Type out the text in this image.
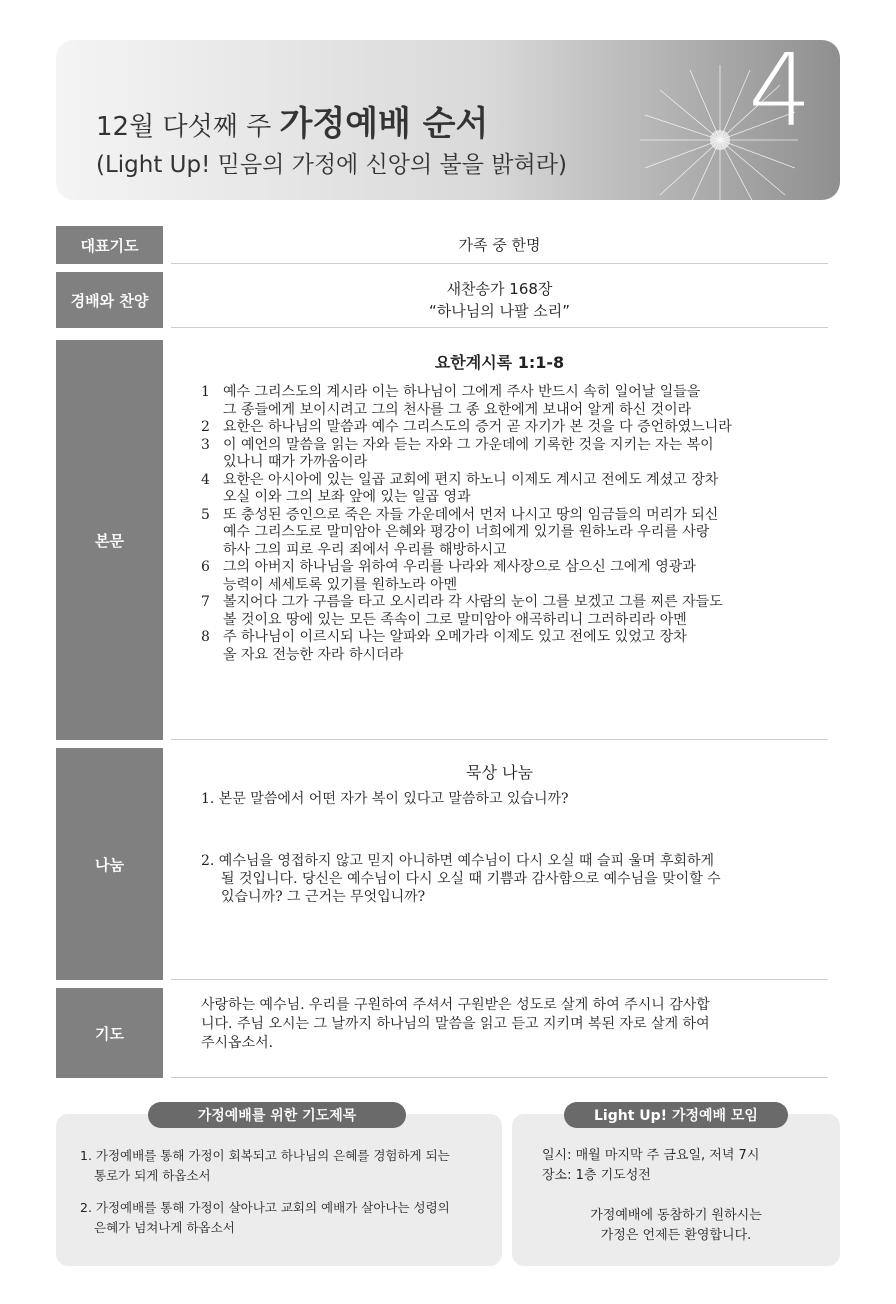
12월 다섯째 주 가정예배 순서
(Light Up! 믿음의 가정에 신앙의 불을 밝혀라)
4
대표기도	가족 중 한명
경배와 찬양
새찬송가 168장
“하나님의 나팔 소리”
본문
요한계시록 1:1-8
1 예수 그리스도의 계시라 이는 하나님이 그에게 주사 반드시 속히 일어날 일들을
그 종들에게 보이시려고 그의 천사를 그 종 요한에게 보내어 알게 하신 것이라
2 요한은 하나님의 말씀과 예수 그리스도의 증거 곧 자기가 본 것을 다 증언하였느니라
3 이 예언의 말씀을 읽는 자와 듣는 자와 그 가운데에 기록한 것을 지키는 자는 복이
있나니 때가 가까움이라
4 요한은 아시아에 있는 일곱 교회에 편지 하노니 이제도 계시고 전에도 계셨고 장차
오실 이와 그의 보좌 앞에 있는 일곱 영과
5 또 충성된 증인으로 죽은 자들 가운데에서 먼저 나시고 땅의 임금들의 머리가 되신
예수 그리스도로 말미암아 은혜와 평강이 너희에게 있기를 원하노라 우리를 사랑
하사 그의 피로 우리 죄에서 우리를 해방하시고
6 그의 아버지 하나님을 위하여 우리를 나라와 제사장으로 삼으신 그에게 영광과
능력이 세세토록 있기를 원하노라 아멘
7 볼지어다 그가 구름을 타고 오시리라 각 사람의 눈이 그를 보겠고 그를 찌른 자들도
볼 것이요 땅에 있는 모든 족속이 그로 말미암아 애곡하리니 그러하리라 아멘
8 주 하나님이 이르시되 나는 알파와 오메가라 이제도 있고 전에도 있었고 장차
올 자요 전능한 자라 하시더라
나눔
묵상 나눔
1. 본문 말씀에서 어떤 자가 복이 있다고 말씀하고 있습니까?
2. 예수님을 영접하지 않고 믿지 아니하면 예수님이 다시 오실 때 슬피 울며 후회하게
될 것입니다. 당신은 예수님이 다시 오실 때 기쁨과 감사함으로 예수님을 맞이할 수
있습니까? 그 근거는 무엇입니까?
기도
사랑하는 예수님. 우리를 구원하여 주셔서 구원받은 성도로 살게 하여 주시니 감사합
니다. 주님 오시는 그 날까지 하나님의 말씀을 읽고 듣고 지키며 복된 자로 살게 하여
주시옵소서.
가정예배를 위한 기도제목
1. 가정예배를 통해 가정이 회복되고 하나님의 은혜를 경험하게 되는
통로가 되게 하옵소서
2. 가정예배를 통해 가정이 살아나고 교회의 예배가 살아나는 성령의
은혜가 넘쳐나게 하옵소서
Light Up! 가정예배 모임
일시: 매월 마지막 주 금요일, 저녁 7시
장소: 1층 기도성전
가정예배에 동참하기 원하시는
가정은 언제든 환영합니다.
